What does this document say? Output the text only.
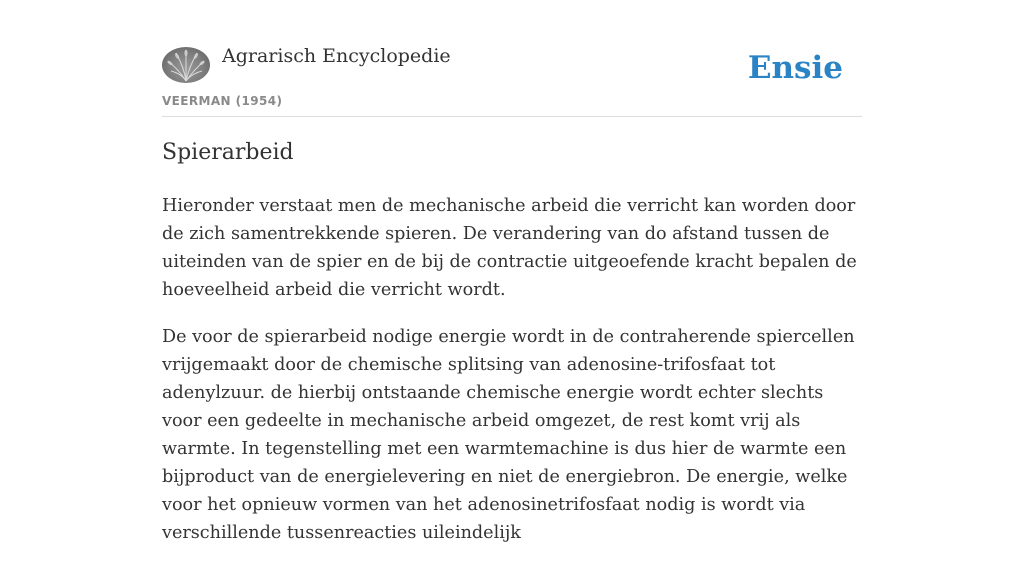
Agrarisch Encyclopedie
VEERMAN (1954)
Ensie
Spierarbeid

Hieronder verstaat men de mechanische arbeid die verricht kan worden door de zich samentrekkende spieren. De verandering van do afstand tussen de uiteinden van de spier en de bij de contractie uitgeoefende kracht bepalen de hoeveelheid arbeid die verricht wordt.

De voor de spierarbeid nodige energie wordt in de contraherende spiercellen vrijgemaakt door de chemische splitsing van adenosine-trifosfaat tot adenylzuur. de hierbij ontstaande chemische energie wordt echter slechts voor een gedeelte in mechanische arbeid omgezet, de rest komt vrij als warmte. In tegenstelling met een warmtemachine is dus hier de warmte een bijproduct van de energielevering en niet de energiebron. De energie, welke voor het opnieuw vormen van het adenosinetrifosfaat nodig is wordt via verschillende tussenreacties uileindelijk
